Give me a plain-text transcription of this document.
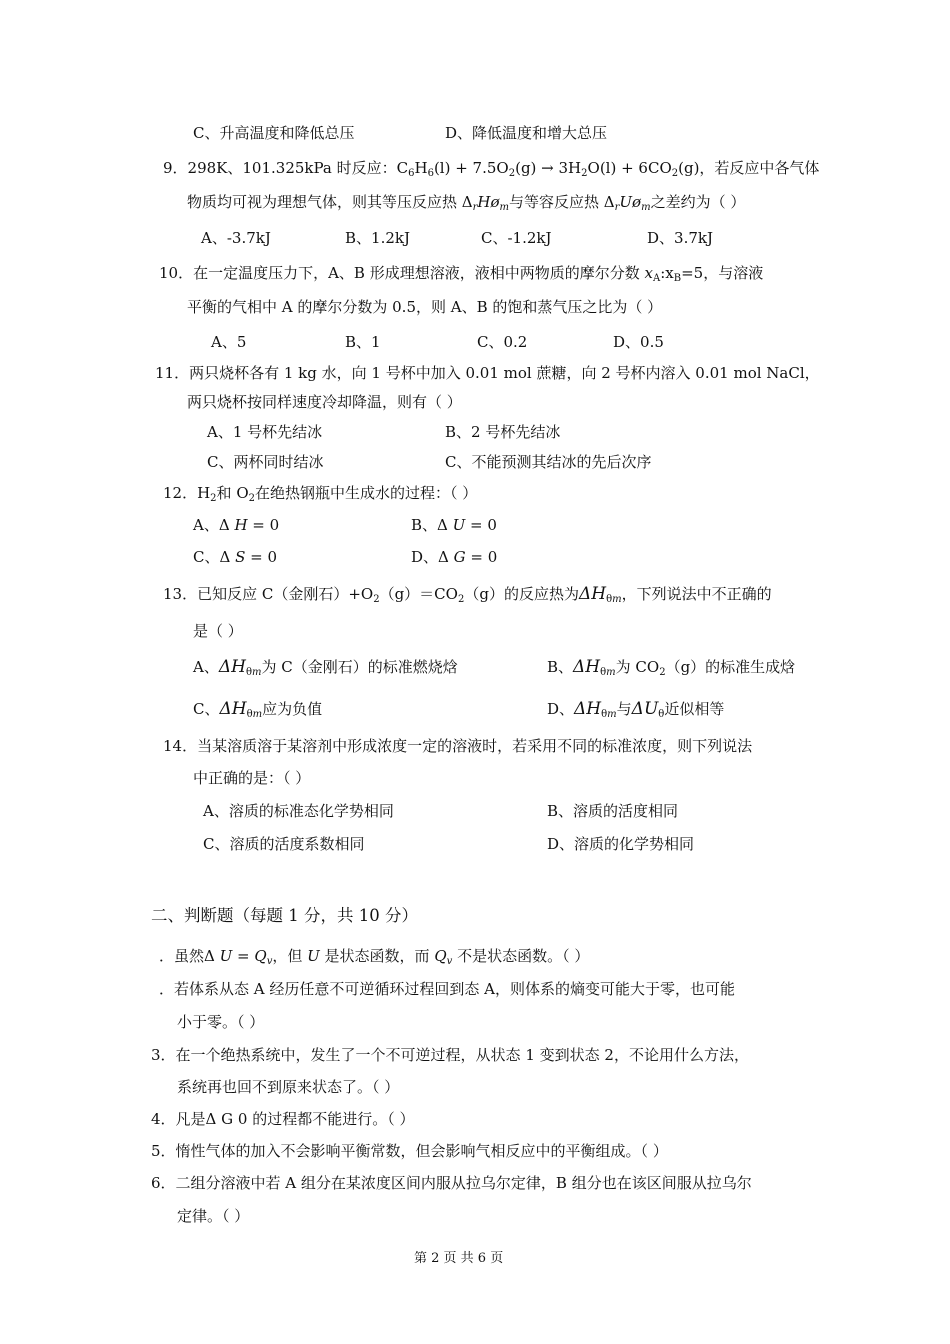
C、升高温度和降低总压	D、降低温度和增大总压
9．298K、101.325kPa 时反应：$C_6H_6(l) + 7.5O_2(g) \to 3H_2O(l) + 6CO_2(g)$，若反应中各气体
物质均可视为理想气体，则其等压反应热 $\Delta_rHø_m$与等容反应热 $\Delta_rUø_m$之差约为（ ）
A、-3.7kJ	B、1.2kJ	C、-1.2kJ	D、3.7kJ
10．在一定温度压力下，A、B 形成理想溶液，液相中两物质的摩尔分数 $x_A:x_B=5$，与溶液
平衡的气相中 A 的摩尔分数为 0.5，则 A、B 的饱和蒸气压之比为（ ）
A、5	B、1	C、0.2	D、0.5
11．两只烧杯各有 1 kg 水，向 1 号杯中加入 0.01 mol 蔗糖，向 2 号杯内溶入 0.01 mol NaCl，
两只烧杯按同样速度冷却降温，则有（ ）
A、1 号杯先结冰	B、2 号杯先结冰
C、两杯同时结冰	C、不能预测其结冰的先后次序
12．$H_2$和 $O_2$在绝热钢瓶中生成水的过程：（ ）
A、Δ H = 0	B、Δ U = 0
C、Δ S = 0	D、Δ G = 0
13．已知反应 C（金刚石）$+O_2(g)=CO_2(g)$的反应热为$\Delta H_{\theta m}$，下列说法中不正确的
是（ ）
A、$\Delta H_{\theta m}$为 C（金刚石）的标准燃烧焓	B、$\Delta H_{\theta m}$为 $CO_2(g)$的标准生成焓
C、$\Delta H_{\theta m}$应为负值	D、$\Delta H_{\theta m}$与$\Delta U_\theta$近似相等
14．当某溶质溶于某溶剂中形成浓度一定的溶液时，若采用不同的标准浓度，则下列说法
中正确的是：（ ）
A、溶质的标准态化学势相同	B、溶质的活度相同
C、溶质的活度系数相同	D、溶质的化学势相同
二、判断题（每题 1 分，共 10 分）
．虽然Δ $U = Q_v$，但 U 是状态函数，而 $Q_v$ 不是状态函数。（ ）
．若体系从态 A 经历任意不可逆循环过程回到态 A，则体系的熵变可能大于零，也可能
小于零。（ ）
3．在一个绝热系统中，发生了一个不可逆过程，从状态 1 变到状态 2，不论用什么方法，
系统再也回不到原来状态了。（ ）
4．凡是Δ G 0 的过程都不能进行。（ ）
5．惰性气体的加入不会影响平衡常数，但会影响气相反应中的平衡组成。（ ）
6．二组分溶液中若 A 组分在某浓度区间内服从拉乌尔定律，B 组分也在该区间服从拉乌尔
定律。（ ）
第 2 页 共 6 页
